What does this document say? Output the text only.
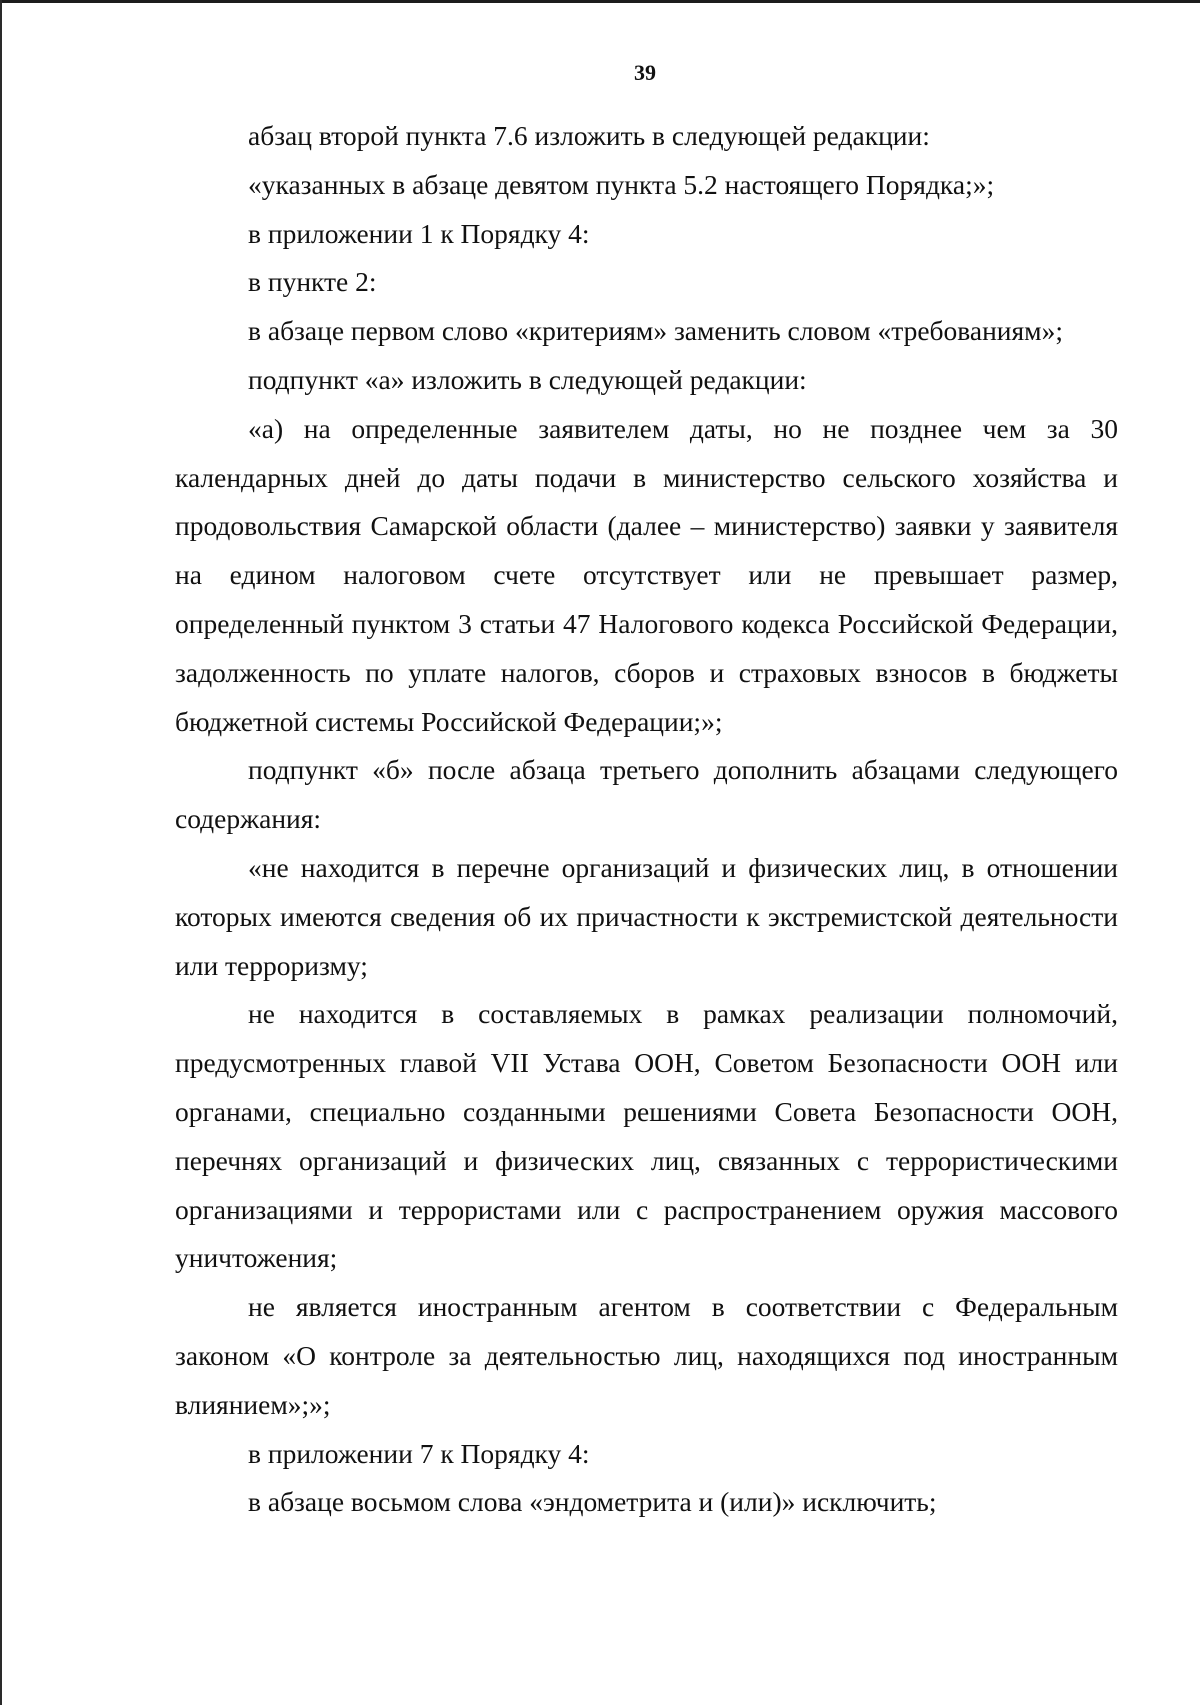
39

абзац второй пункта 7.6 изложить в следующей редакции:

«указанных в абзаце девятом пункта 5.2 настоящего Порядка;»;

в приложении 1 к Порядку 4:

в пункте 2:

в абзаце первом слово «критериям» заменить словом «требованиям»;

подпункт «а» изложить в следующей редакции:

«а) на определенные заявителем даты, но не позднее чем за 30 календарных дней до даты подачи в министерство сельского хозяйства и продовольствия Самарской области (далее – министерство) заявки у заявителя на едином налоговом счете отсутствует или не превышает размер, определенный пунктом 3 статьи 47 Налогового кодекса Российской Федерации, задолженность по уплате налогов, сборов и страховых взносов в бюджеты бюджетной системы Российской Федерации;»;

подпункт «б» после абзаца третьего дополнить абзацами следующего содержания:

«не находится в перечне организаций и физических лиц, в отношении которых имеются сведения об их причастности к экстремистской деятельности или терроризму;

не находится в составляемых в рамках реализации полномочий, предусмотренных главой VII Устава ООН, Советом Безопасности ООН или органами, специально созданными решениями Совета Безопасности ООН, перечнях организаций и физических лиц, связанных с террористическими организациями и террористами или с распространением оружия массового уничтожения;

не является иностранным агентом в соответствии с Федеральным законом «О контроле за деятельностью лиц, находящихся под иностранным влиянием»;»;

в приложении 7 к Порядку 4:

в абзаце восьмом слова «эндометрита и (или)» исключить;
